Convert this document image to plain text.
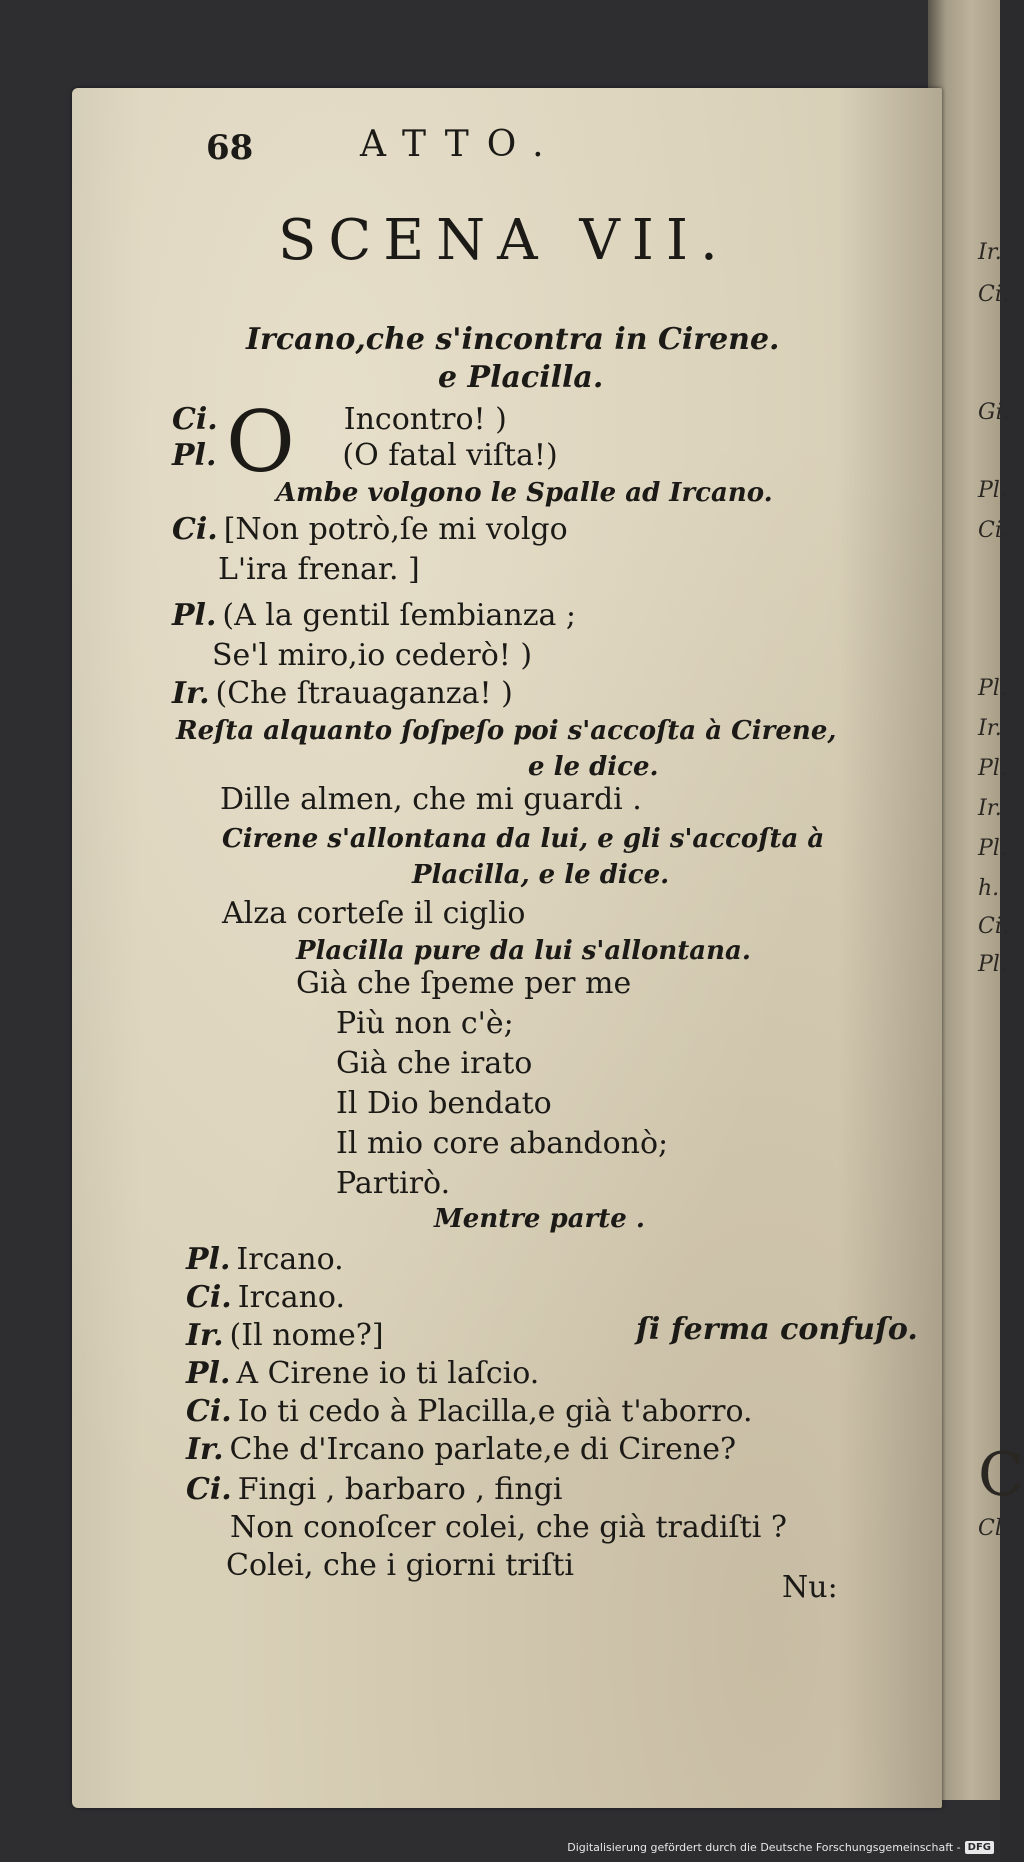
Ir.
Ci.
Gi.
Pl.
Ci.
Pl.
Ir.
Pl.
Ir.
Pl.
h.
Ci.
Pl.
C
Cl
68	ATTO.
SCENA VII.
Ircano,che s'incontra in Cirene.
e Placilla.
O
Ci.	Incontro! )
Pl.	(O fatal viſta!)
Ambe volgono le Spalle ad Ircano.
Ci. [Non potrò,ſe mi volgo
L'ira frenar. ]
Pl. (A la gentil ſembianza ;
Se'l miro,io cederò! )
Ir. (Che ſtrauaganza! )
Reſta alquanto ſoſpeſo poi s'accoſta à Cirene,
e le dice.
Dille almen, che mi guardi .
Cirene s'allontana da lui, e gli s'accoſta à
Placilla, e le dice.
Alza corteſe il ciglio
Placilla pure da lui s'allontana.
Già che ſpeme per me
Più non c'è;
Già che irato
Il Dio bendato
Il mio core abandonò;
Partirò.
Mentre parte .
Pl. Ircano.
Ci. Ircano.
Ir. (Il nome?]	ſi ferma confuſo.
Pl. A Cirene io ti laſcio.
Ci. Io ti cedo à Placilla,e già t'aborro.
Ir. Che d'Ircano parlate,e di Cirene?
Ci. Fingi , barbaro , fingi
Non conoſcer colei, che già tradiſti ?
Colei, che i giorni triſti
Nu:
Digitalisierung gefördert durch die Deutsche Forschungsgemeinschaft - DFG
